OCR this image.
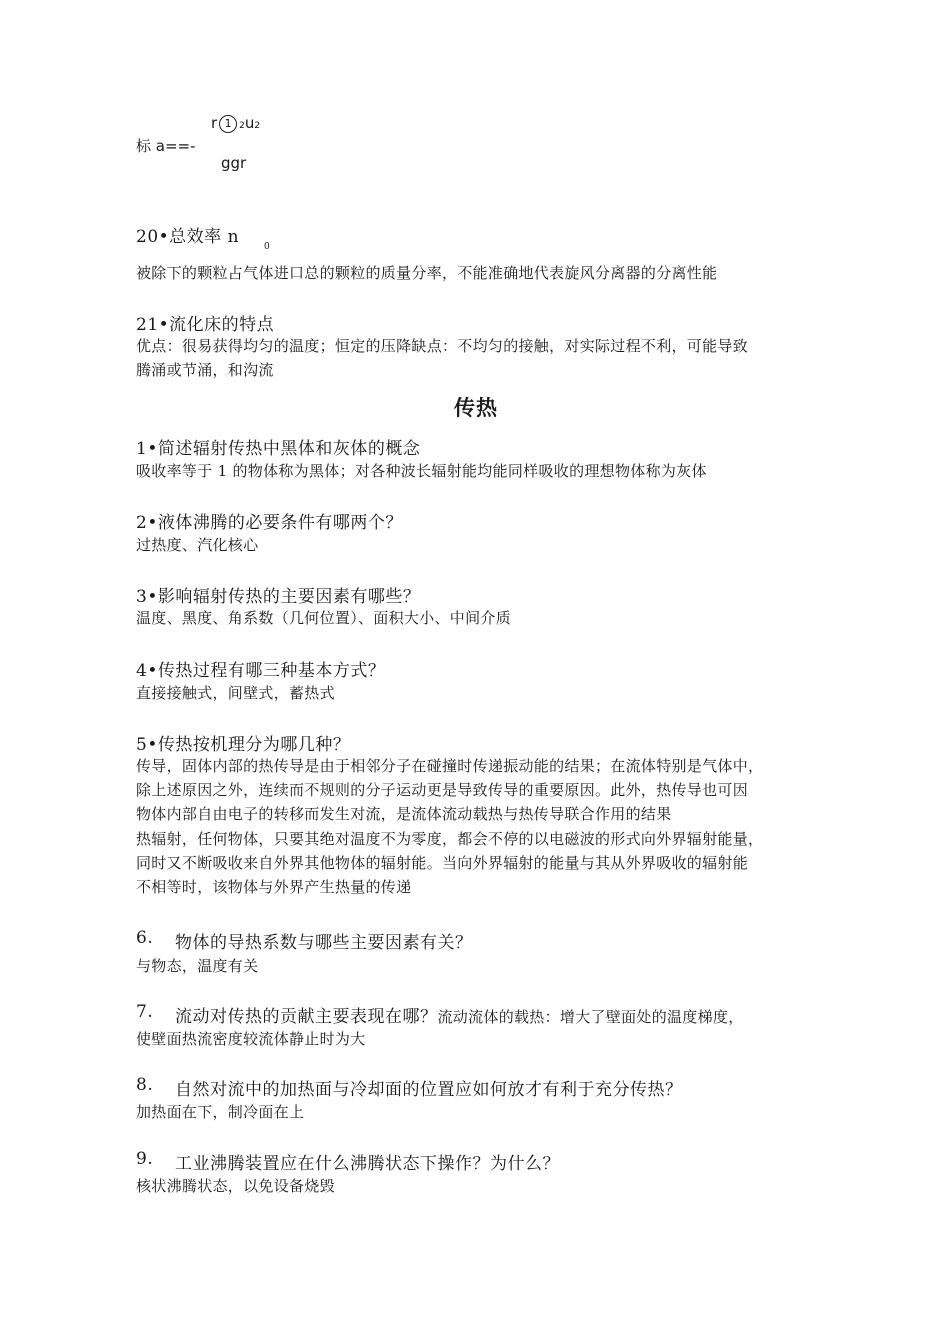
r 1 2u2
标 a==-
ggr
20•总效率 n	0
被除下的颗粒占气体进口总的颗粒的质量分率，不能准确地代表旋风分离器的分离性能
21•流化床的特点
优点：很易获得均匀的温度；恒定的压降缺点：不均匀的接触，对实际过程不利，可能导致
腾涌或节涌，和沟流
传热
1•简述辐射传热中黑体和灰体的概念
吸收率等于 1 的物体称为黑体；对各种波长辐射能均能同样吸收的理想物体称为灰体
2•液体沸腾的必要条件有哪两个？
过热度、汽化核心
3•影响辐射传热的主要因素有哪些？
温度、黑度、角系数（几何位置）、面积大小、中间介质
4•传热过程有哪三种基本方式？
直接接触式，间壁式，蓄热式
5•传热按机理分为哪几种？
传导，固体内部的热传导是由于相邻分子在碰撞时传递振动能的结果；在流体特别是气体中，
除上述原因之外，连续而不规则的分子运动更是导致传导的重要原因。此外，热传导也可因
物体内部自由电子的转移而发生对流，是流体流动载热与热传导联合作用的结果
热辐射，任何物体，只要其绝对温度不为零度，都会不停的以电磁波的形式向外界辐射能量，
同时又不断吸收来自外界其他物体的辐射能。当向外界辐射的能量与其从外界吸收的辐射能
不相等时，该物体与外界产生热量的传递
6. 物体的导热系数与哪些主要因素有关？
与物态，温度有关
7. 流动对传热的贡献主要表现在哪？流动流体的载热：增大了壁面处的温度梯度，
使壁面热流密度较流体静止时为大
8. 自然对流中的加热面与冷却面的位置应如何放才有利于充分传热？
加热面在下，制冷面在上
9. 工业沸腾装置应在什么沸腾状态下操作？为什么？
核状沸腾状态，以免设备烧毁
